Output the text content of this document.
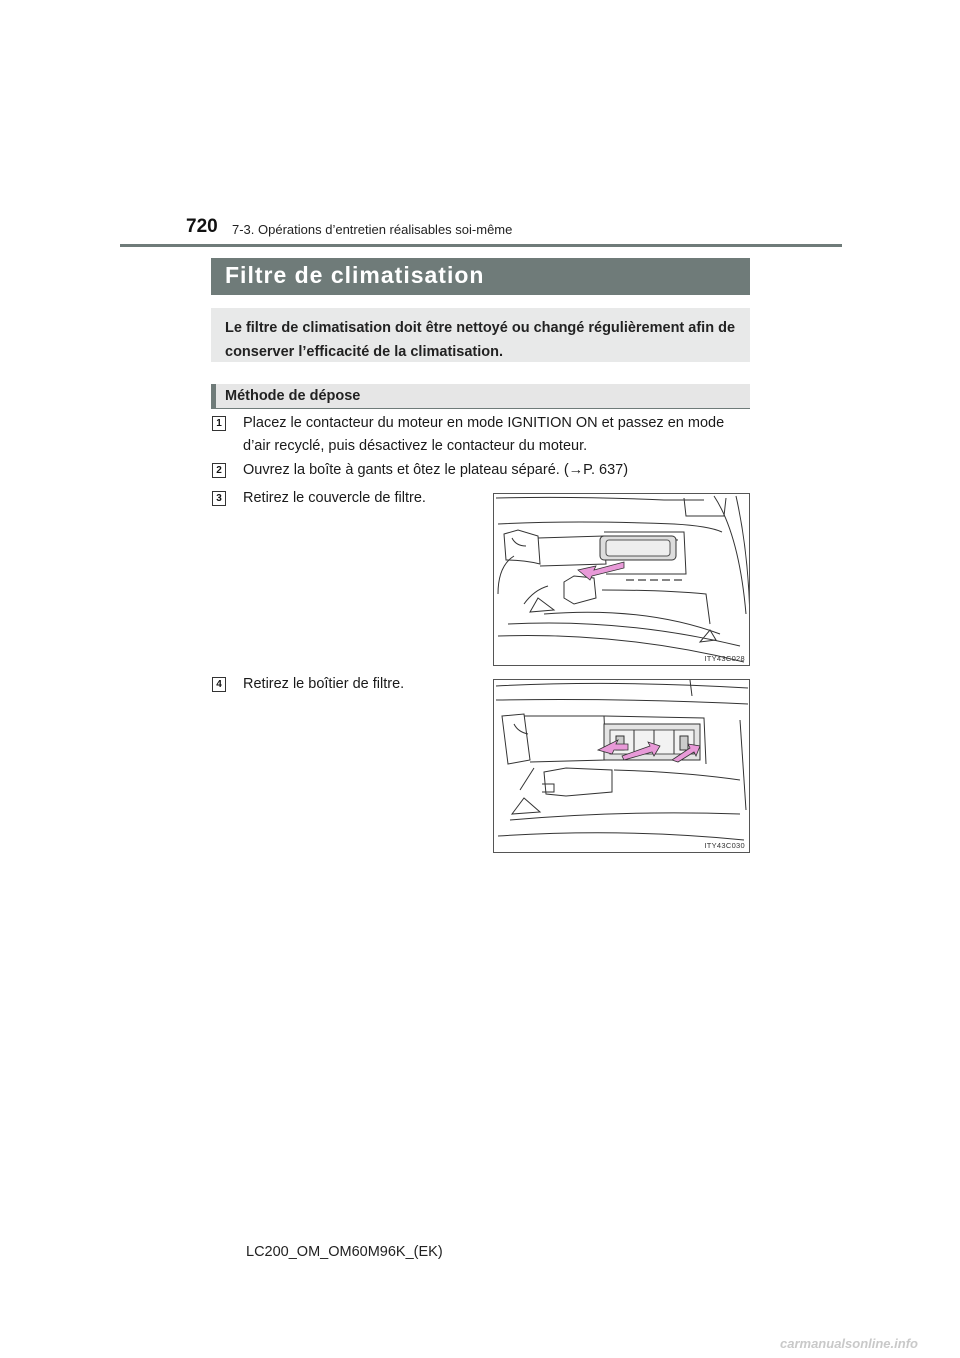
720 7-3. Opérations d’entretien réalisables soi-même
Filtre de climatisation
Le filtre de climatisation doit être nettoyé ou changé régulièrement afin de conserver l’efficacité de la climatisation.
Méthode de dépose
1 Placez le contacteur du moteur en mode IGNITION ON et passez en mode d’air recyclé, puis désactivez le contacteur du moteur.
2 Ouvrez la boîte à gants et ôtez le plateau séparé. (→P. 637)
3 Retirez le couvercle de filtre.
ITY43C028
4 Retirez le boîtier de filtre.
ITY43C030
LC200_OM_OM60M96K_(EK)
carmanualsonline.info
